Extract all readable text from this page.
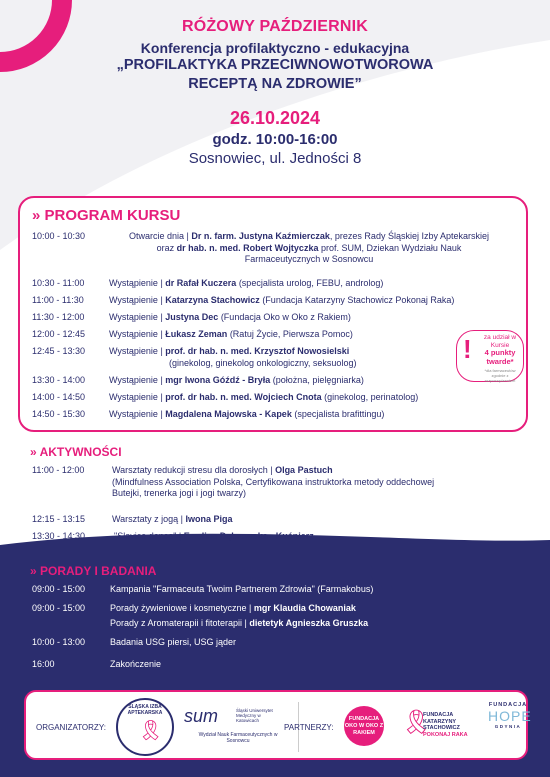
RÓŻOWY PAŹDZIERNIK
Konferencja profilaktyczno - edukacyjna
„PROFILAKTYKA PRZECIWNOWOTWOROWA
RECEPTĄ NA ZDROWIE”
26.10.2024
godz. 10:00-16:00
Sosnowiec, ul. Jedności 8
» PROGRAM KURSU
10:00 - 10:30	Otwarcie dnia | Dr n. farm. Justyna Kaźmierczak, prezes Rady Śląskiej Izby Aptekarskiej
oraz dr hab. n. med. Robert Wojtyczka prof. SUM, Dziekan Wydziału Nauk
Farmaceutycznych w Sosnowcu
10:30 - 11:00	Wystąpienie | dr Rafał Kuczera (specjalista urolog, FEBU, androlog)
11:00 - 11:30	Wystąpienie | Katarzyna Stachowicz (Fundacja Katarzyny Stachowicz Pokonaj Raka)
11:30 - 12:00	Wystąpienie | Justyna Dec (Fundacja Oko w Oko z Rakiem)
12:00 - 12:45	Wystąpienie | Łukasz Zeman (Ratuj Życie, Pierwsza Pomoc)
12:45 - 13:30	Wystąpienie | prof. dr hab. n. med. Krzysztof Nowosielski
(ginekolog, ginekolog onkologiczny, seksuolog)
13:30 - 14:00	Wystąpienie | mgr Iwona Góźdź - Bryła (położna, pielęgniarka)
14:00 - 14:50	Wystąpienie | prof. dr hab. n. med. Wojciech Cnota (ginekolog, perinatolog)
14:50 - 15:30	Wystąpienie | Magdalena Majowska - Kapek (specjalista brafittingu)
!	za udział w Kursie
4 punkty twarde*
*dla farmaceutów zgodnie z rozporządzeniem
» AKTYWNOŚCI
11:00 - 12:00	Warsztaty redukcji stresu dla dorosłych | Olga Pastuch
(Mindfulness Association Polska, Certyfikowana instruktorka metody oddechowej
Butejki, trenerka jogi i jogi twarzy)
12:15 - 13:15	Warsztaty z jogą | Iwona Piga
13:30 - 14:30	"Slavica dance" | Ewelina Dąbrowska - Kuśnierz
» PORADY I BADANIA
09:00 - 15:00	Kampania "Farmaceuta Twoim Partnerem Zdrowia" (Farmakobus)
09:00 - 15:00	Porady żywieniowe i kosmetyczne | mgr Klaudia Chowaniak
Porady z Aromaterapii i fitoterapii | dietetyk Agnieszka Gruszka
10:00 - 13:00	Badania USG piersi, USG jąder
16:00	Zakończenie
ORGANIZATORZY:
ŚLĄSKA IZBA APTEKARSKA
🎗
sum	Śląski Uniwersytet Medyczny w Katowicach
Wydział Nauk Farmaceutycznych w Sosnowcu
PARTNERZY:
FUNDACJA OKO W OKO Z RAKIEM	🎗
FUNDACJA KATARZYNY STACHOWICZ
POKONAJ RAKA
FUNDACJA
HOPE
GDYNIA
